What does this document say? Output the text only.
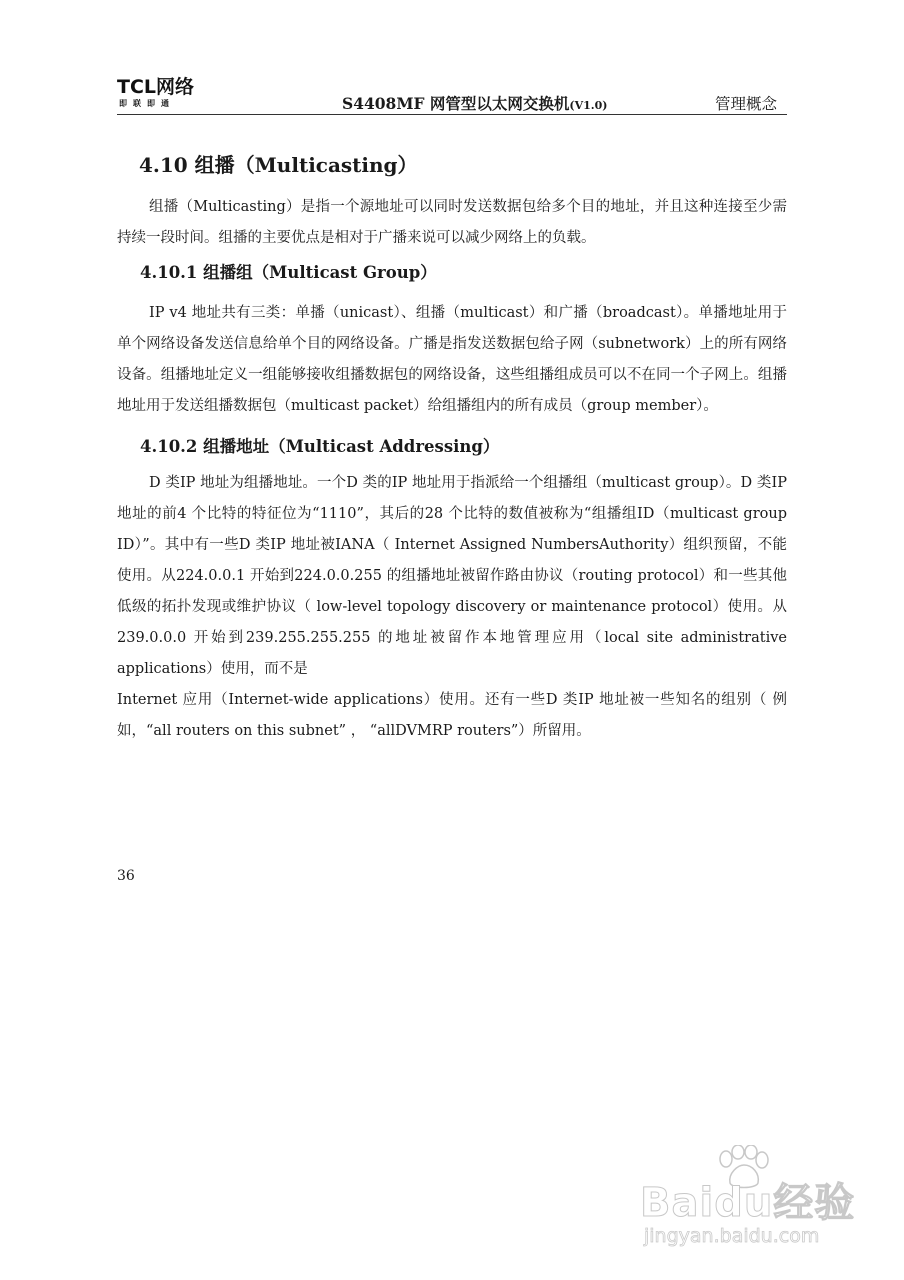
TCL网络
即联即通	S4408MF 网管型以太网交换机(V1.0)	管理概念
4.10 组播（Multicasting）

组播（Multicasting）是指一个源地址可以同时发送数据包给多个目的地址，并且这种连接至少需持续一段时间。组播的主要优点是相对于广播来说可以减少网络上的负载。

4.10.1 组播组（Multicast Group）

IP v4 地址共有三类：单播（unicast）、组播（multicast）和广播（broadcast）。单播地址用于单个网络设备发送信息给单个目的网络设备。广播是指发送数据包给子网（subnetwork）上的所有网络设备。组播地址定义一组能够接收组播数据包的网络设备，这些组播组成员可以不在同一个子网上。组播地址用于发送组播数据包（multicast packet）给组播组内的所有成员（group member）。

4.10.2 组播地址（Multicast Addressing）

D 类IP 地址为组播地址。一个D 类的IP 地址用于指派给一个组播组（multicast group）。D 类IP 地址的前4 个比特的特征位为“1110”，其后的28 个比特的数值被称为“组播组ID（multicast group ID）”。其中有一些D 类IP 地址被IANA（ Internet Assigned NumbersAuthority）组织预留，不能使用。从224.0.0.1 开始到224.0.0.255 的组播地址被留作路由协议（routing protocol）和一些其他低级的拓扑发现或维护协议（ low-level topology discovery or maintenance protocol）使用。从239.0.0.0 开始到239.255.255.255 的地址被留作本地管理应用（local site administrative applications）使用，而不是

Internet 应用（Internet-wide applications）使用。还有一些D 类IP 地址被一些知名的组别（ 例如，“all routers on this subnet” ， “allDVMRP routers”）所留用。

36
Baidu经验
jingyan.baidu.com
